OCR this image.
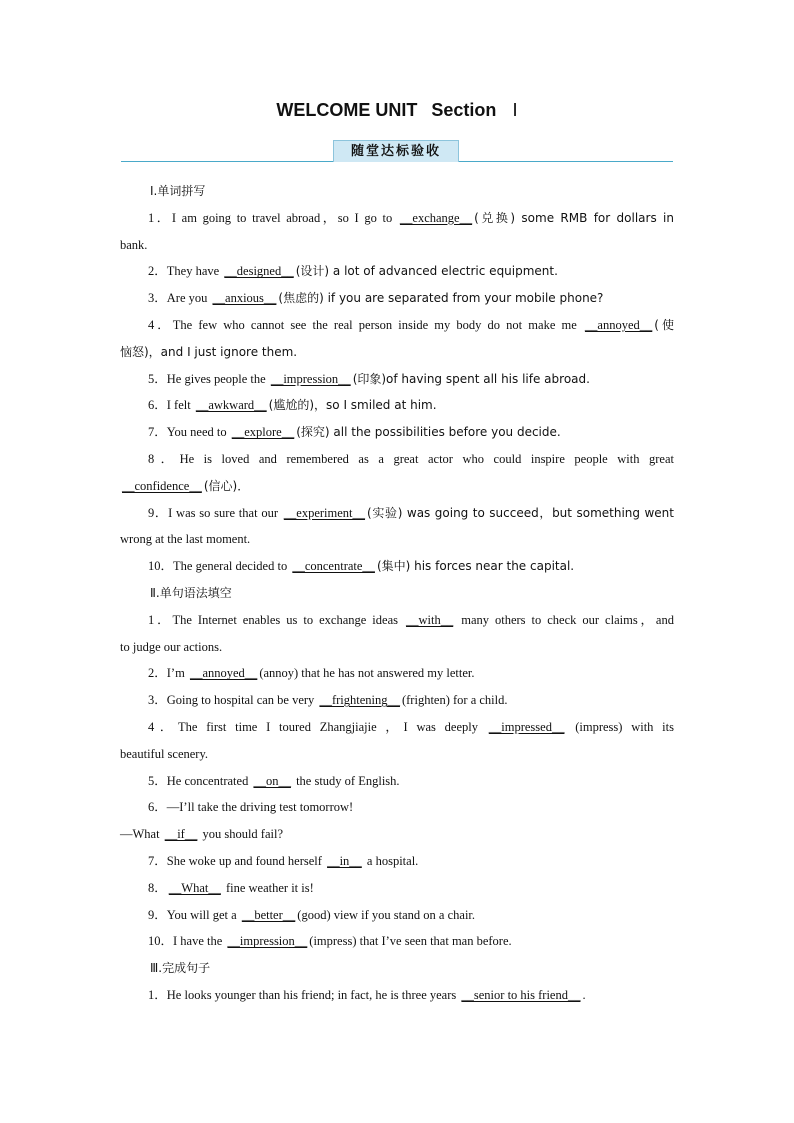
WELCOME UNIT Section Ⅰ
随堂达标验收
Ⅰ.单词拼写
1．I am going to travel abroad，so I go to __exchange__ (兑换) some RMB for dollars in
bank.
2．They have __designed__ (设计) a lot of advanced electric equipment.
3．Are you __anxious__ (焦虑的) if you are separated from your mobile phone?
4．The few who cannot see the real person inside my body do not make me __annoyed__ (使
恼怒)，and I just ignore them.
5．He gives people the __impression__ (印象)of having spent all his life abroad.
6．I felt __awkward__ (尴尬的)，so I smiled at him.
7．You need to __explore__ (探究) all the possibilities before you decide.
8．He is loved and remembered as a great actor who could inspire people with great
__confidence__ (信心)．
9．I was so sure that our __experiment__ (实验) was going to succeed，but something went
wrong at the last moment.
10．The general decided to __concentrate__ (集中) his forces near the capital.
Ⅱ.单句语法填空
1．The Internet enables us to exchange ideas __with__ many others to check our claims，and
to judge our actions.
2．I’m __annoyed__ (annoy) that he has not answered my letter.
3．Going to hospital can be very __frightening__ (frighten) for a child.
4．The first time I toured Zhangjiajie ，I was deeply __impressed__ (impress) with its
beautiful scenery.
5．He concentrated __on__ the study of English.
6．—I’ll take the driving test tomorrow!
—What __if__ you should fail?
7．She woke up and found herself __in__ a hospital.
8． __What__ fine weather it is!
9．You will get a __better__ (good) view if you stand on a chair.
10．I have the __impression__ (impress) that I’ve seen that man before.
Ⅲ.完成句子
1．He looks younger than his friend; in fact, he is three years __senior to his friend__ .
